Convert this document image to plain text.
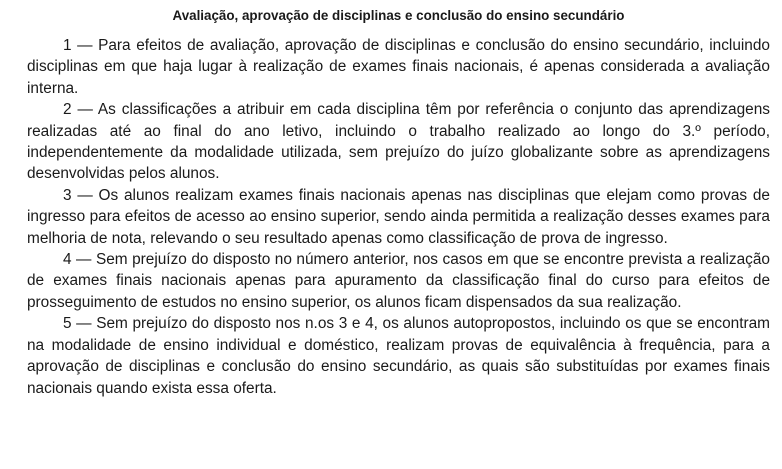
Avaliação, aprovação de disciplinas e conclusão do ensino secundário

1 — Para efeitos de avaliação, aprovação de disciplinas e conclusão do ensino secundário, incluindo disciplinas em que haja lugar à realização de exames finais nacionais, é apenas considerada a avaliação interna.

2 — As classificações a atribuir em cada disciplina têm por referência o conjunto das aprendizagens realizadas até ao final do ano letivo, incluindo o trabalho realizado ao longo do 3.º período, independentemente da modalidade utilizada, sem prejuízo do juízo globalizante sobre as aprendizagens desenvolvidas pelos alunos.

3 — Os alunos realizam exames finais nacionais apenas nas disciplinas que elejam como provas de ingresso para efeitos de acesso ao ensino superior, sendo ainda permitida a realização desses exames para melhoria de nota, relevando o seu resultado apenas como classificação de prova de ingresso.

4 — Sem prejuízo do disposto no número anterior, nos casos em que se encontre prevista a realização de exames finais nacionais apenas para apuramento da classificação final do curso para efeitos de prosseguimento de estudos no ensino superior, os alunos ficam dispensados da sua realização.

5 — Sem prejuízo do disposto nos n.os 3 e 4, os alunos autopropostos, incluindo os que se encontram na modalidade de ensino individual e doméstico, realizam provas de equivalência à frequência, para a aprovação de disciplinas e conclusão do ensino secundário, as quais são substituídas por exames finais nacionais quando exista essa oferta.
